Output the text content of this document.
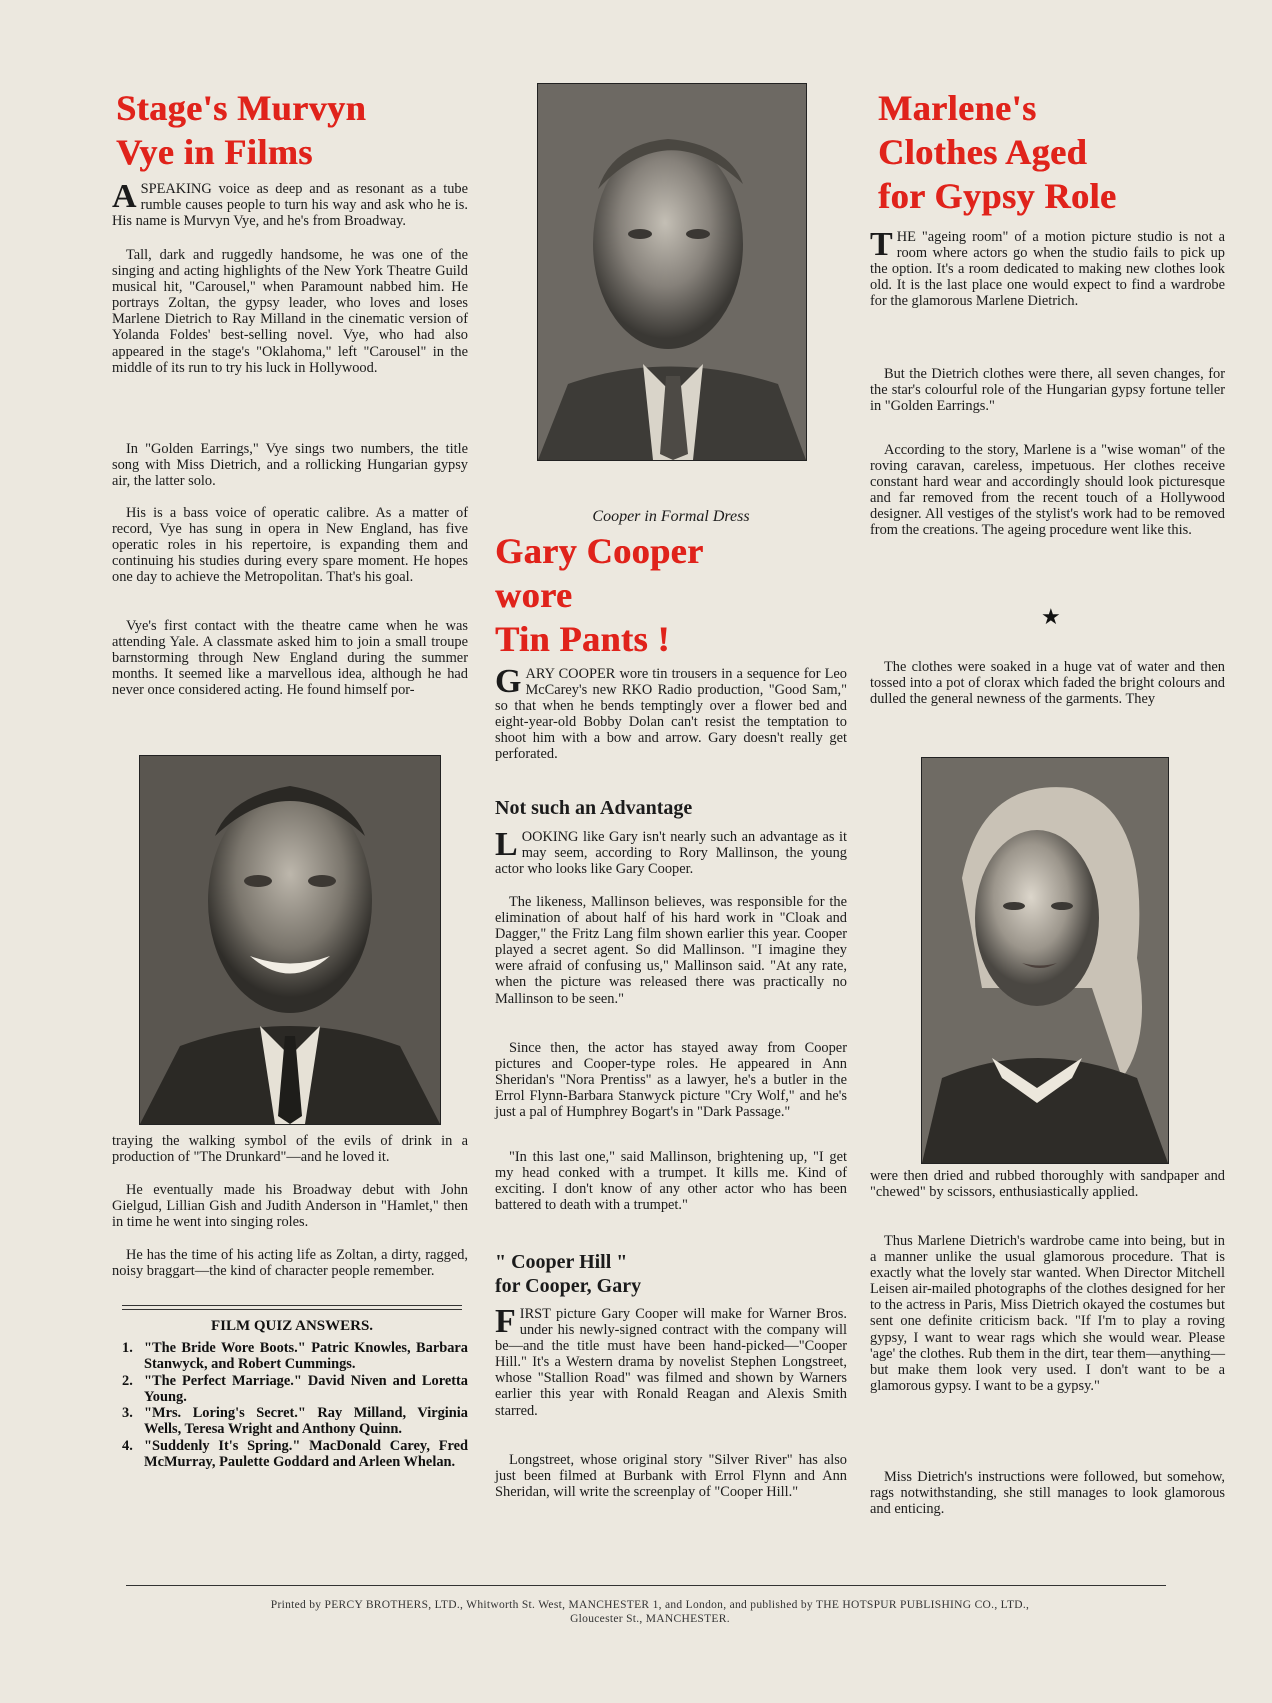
Stage's Murvyn
Vye in Films

ASPEAKING voice as deep and as resonant as a tube rumble causes people to turn his way and ask who he is. His name is Murvyn Vye, and he's from Broadway.

Tall, dark and ruggedly handsome, he was one of the singing and acting highlights of the New York Theatre Guild musical hit, "Carousel," when Paramount nabbed him. He portrays Zoltan, the gypsy leader, who loves and loses Marlene Dietrich to Ray Milland in the cinematic version of Yolanda Foldes' best-selling novel. Vye, who had also appeared in the stage's "Oklahoma," left "Carousel" in the middle of its run to try his luck in Hollywood.

In "Golden Earrings," Vye sings two numbers, the title song with Miss Dietrich, and a rollicking Hungarian gypsy air, the latter solo.

His is a bass voice of operatic calibre. As a matter of record, Vye has sung in opera in New England, has five operatic roles in his repertoire, is expanding them and continuing his studies during every spare moment. He hopes one day to achieve the Metropolitan. That's his goal.

Vye's first contact with the theatre came when he was attending Yale. A classmate asked him to join a small troupe barnstorming through New England during the summer months. It seemed like a marvellous idea, although he had never once considered acting. He found himself por-

traying the walking symbol of the evils of drink in a production of "The Drunkard"—and he loved it.

He eventually made his Broadway debut with John Gielgud, Lillian Gish and Judith Anderson in "Hamlet," then in time he went into singing roles.

He has the time of his acting life as Zoltan, a dirty, ragged, noisy braggart—the kind of character people remember.

FILM QUIZ ANSWERS.
1. "The Bride Wore Boots." Patric Knowles, Barbara Stanwyck, and Robert Cummings.
2. "The Perfect Marriage." David Niven and Loretta Young.
3. "Mrs. Loring's Secret." Ray Milland, Virginia Wells, Teresa Wright and Anthony Quinn.
4. "Suddenly It's Spring." MacDonald Carey, Fred McMurray, Paulette Goddard and Arleen Whelan.
Cooper in Formal Dress
Gary Cooper
wore
Tin Pants !

GARY COOPER wore tin trousers in a sequence for Leo McCarey's new RKO Radio production, "Good Sam," so that when he bends temptingly over a flower bed and eight-year-old Bobby Dolan can't resist the temptation to shoot him with a bow and arrow. Gary doesn't really get perforated.

Not such an Advantage

LOOKING like Gary isn't nearly such an advantage as it may seem, according to Rory Mallinson, the young actor who looks like Gary Cooper.

The likeness, Mallinson believes, was responsible for the elimination of about half of his hard work in "Cloak and Dagger," the Fritz Lang film shown earlier this year. Cooper played a secret agent. So did Mallinson. "I imagine they were afraid of confusing us," Mallinson said. "At any rate, when the picture was released there was practically no Mallinson to be seen."

Since then, the actor has stayed away from Cooper pictures and Cooper-type roles. He appeared in Ann Sheridan's "Nora Prentiss" as a lawyer, he's a butler in the Errol Flynn-Barbara Stanwyck picture "Cry Wolf," and he's just a pal of Humphrey Bogart's in "Dark Passage."

"In this last one," said Mallinson, brightening up, "I get my head conked with a trumpet. It kills me. Kind of exciting. I don't know of any other actor who has been battered to death with a trumpet."

" Cooper Hill "
for Cooper, Gary

FIRST picture Gary Cooper will make for Warner Bros. under his newly-signed contract with the company will be—and the title must have been hand-picked—"Cooper Hill." It's a Western drama by novelist Stephen Longstreet, whose "Stallion Road" was filmed and shown by Warners earlier this year with Ronald Reagan and Alexis Smith starred.

Longstreet, whose original story "Silver River" has also just been filmed at Burbank with Errol Flynn and Ann Sheridan, will write the screenplay of "Cooper Hill."

Marlene's
Clothes Aged
for Gypsy Role

THE "ageing room" of a motion picture studio is not a room where actors go when the studio fails to pick up the option. It's a room dedicated to making new clothes look old. It is the last place one would expect to find a wardrobe for the glamorous Marlene Dietrich.

But the Dietrich clothes were there, all seven changes, for the star's colourful role of the Hungarian gypsy fortune teller in "Golden Earrings."

According to the story, Marlene is a "wise woman" of the roving caravan, careless, impetuous. Her clothes receive constant hard wear and accordingly should look picturesque and far removed from the recent touch of a Hollywood designer. All vestiges of the stylist's work had to be removed from the creations. The ageing procedure went like this.

★

The clothes were soaked in a huge vat of water and then tossed into a pot of clorax which faded the bright colours and dulled the general newness of the garments. They

were then dried and rubbed thoroughly with sandpaper and "chewed" by scissors, enthusiastically applied.

Thus Marlene Dietrich's wardrobe came into being, but in a manner unlike the usual glamorous procedure. That is exactly what the lovely star wanted. When Director Mitchell Leisen air-mailed photographs of the clothes designed for her to the actress in Paris, Miss Dietrich okayed the costumes but sent one definite criticism back. "If I'm to play a roving gypsy, I want to wear rags which she would wear. Please 'age' the clothes. Rub them in the dirt, tear them—anything—but make them look very used. I don't want to be a glamorous gypsy. I want to be a gypsy."

Miss Dietrich's instructions were followed, but somehow, rags notwithstanding, she still manages to look glamorous and enticing.

Printed by PERCY BROTHERS, LTD., Whitworth St. West, MANCHESTER 1, and London, and published by THE HOTSPUR PUBLISHING CO., LTD.,
Gloucester St., MANCHESTER.
